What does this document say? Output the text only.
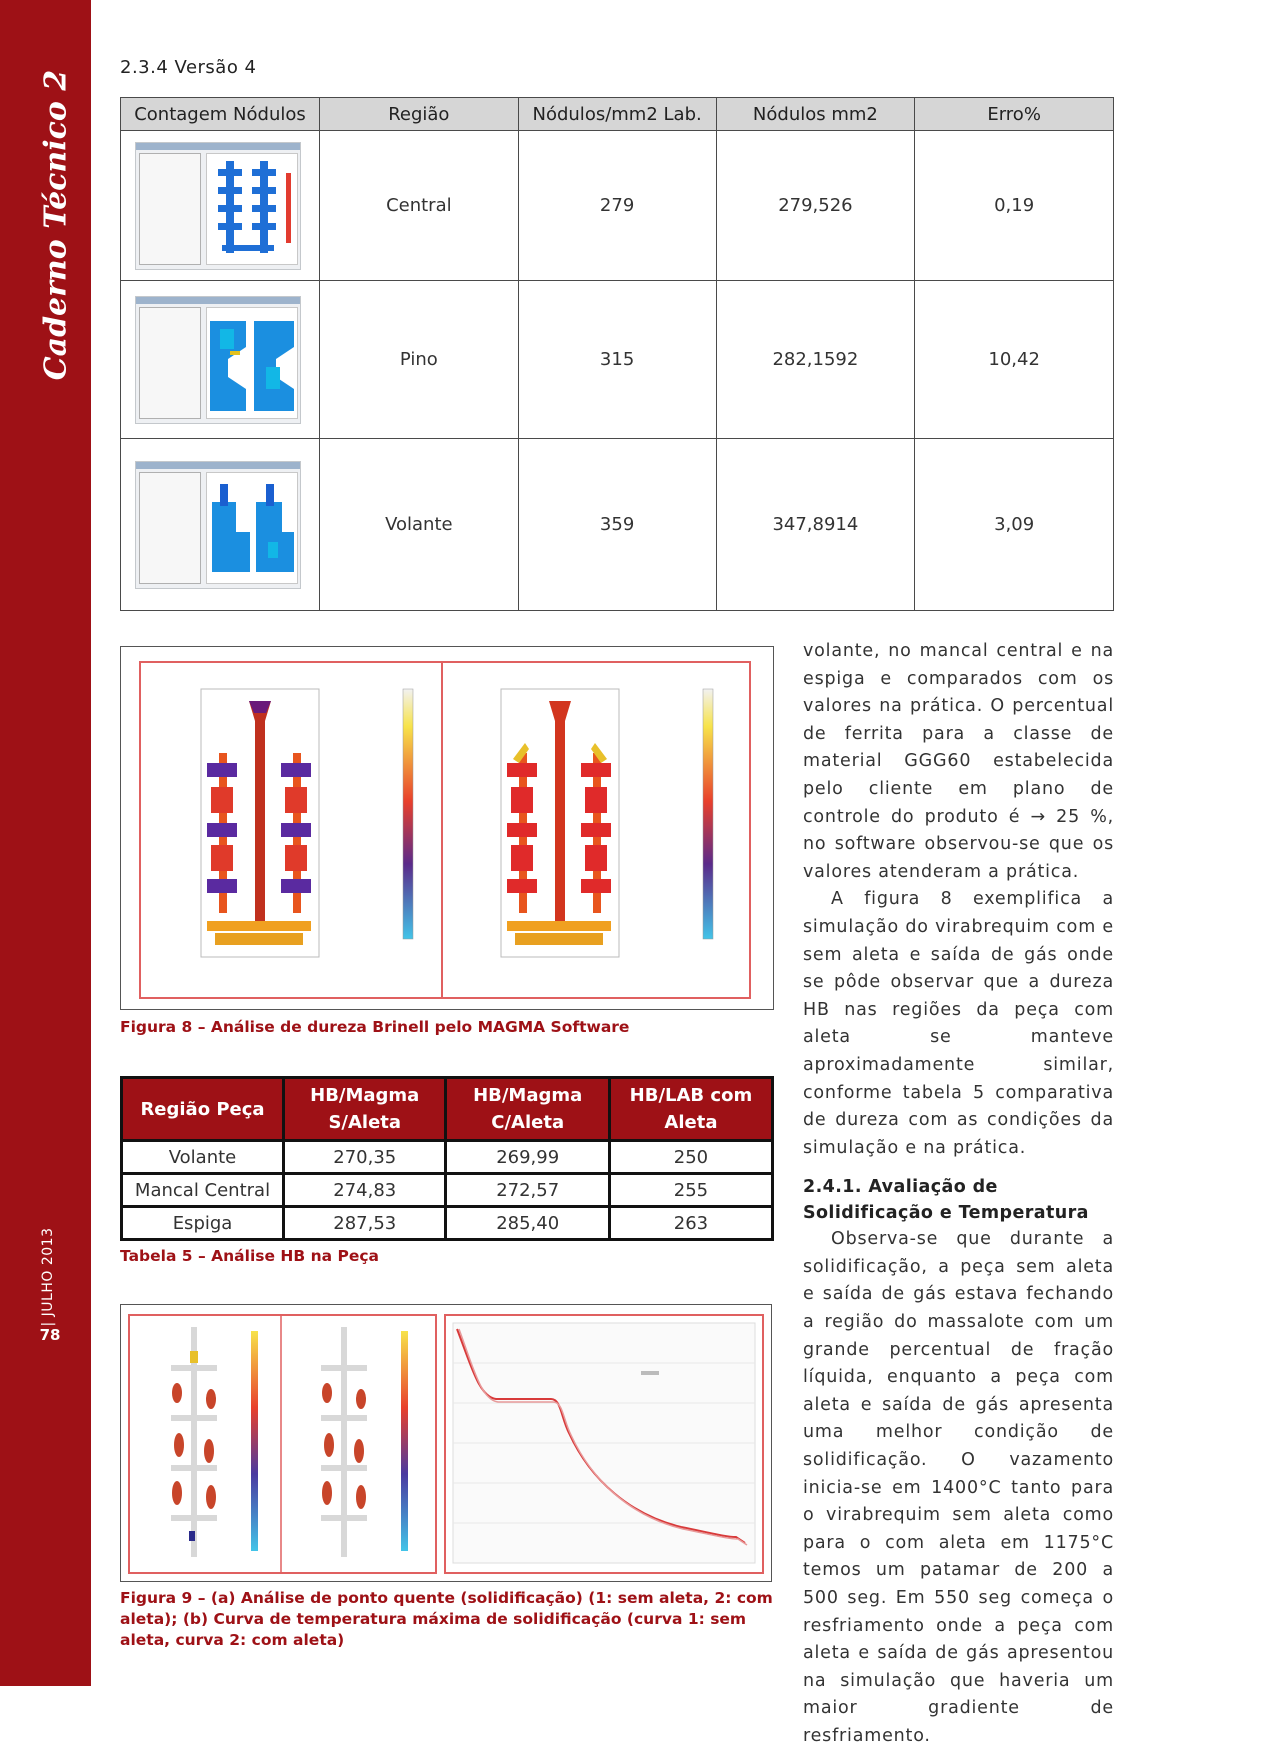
Caderno Técnico 2
| JULHO 2013
78
2.3.4 Versão 4
Contagem Nódulos	Região	Nódulos/mm2 Lab.	Nódulos mm2	Erro%

	Central	279	279,526	0,19

	Pino	315	282,1592	10,42

	Volante	359	347,8914	3,09
Figura 8 – Análise de dureza Brinell pelo MAGMA Software
Região Peça	HB/Magma S/Aleta	HB/Magma C/Aleta	HB/LAB com Aleta
Volante	270,35	269,99	250
Mancal Central	274,83	272,57	255
Espiga	287,53	285,40	263
Tabela 5 – Análise HB na Peça
Figura 9 – (a) Análise de ponto quente (solidificação) (1: sem aleta, 2: com aleta); (b) Curva de temperatura máxima de solidificação (curva 1: sem aleta, curva 2: com aleta)

volante, no mancal central e na espiga e comparados com os valores na prática. O percentual de ferrita para a classe de material GGG60 estabelecida pelo cliente em plano de controle do produto é → 25 %, no software observou-se que os valores atenderam a prática.

A figura 8 exemplifica a simulação do virabrequim com e sem aleta e saída de gás onde se pôde observar que a dureza HB nas regiões da peça com aleta se manteve aproximadamente similar, conforme tabela 5 comparativa de dureza com as condições da simulação e na prática.

2.4.1. Avaliação de Solidificação e Temperatura

Observa-se que durante a solidificação, a peça sem aleta e saída de gás estava fechando a região do massalote com um grande percentual de fração líquida, enquanto a peça com aleta e saída de gás apresenta uma melhor condição de solidificação. O vazamento inicia-se em 1400°C tanto para o virabrequim sem aleta como para o com aleta em 1175°C temos um patamar de 200 a 500 seg. Em 550 seg começa o resfriamento onde a peça com aleta e saída de gás apresentou na simulação que haveria um maior gradiente de resfriamento.
